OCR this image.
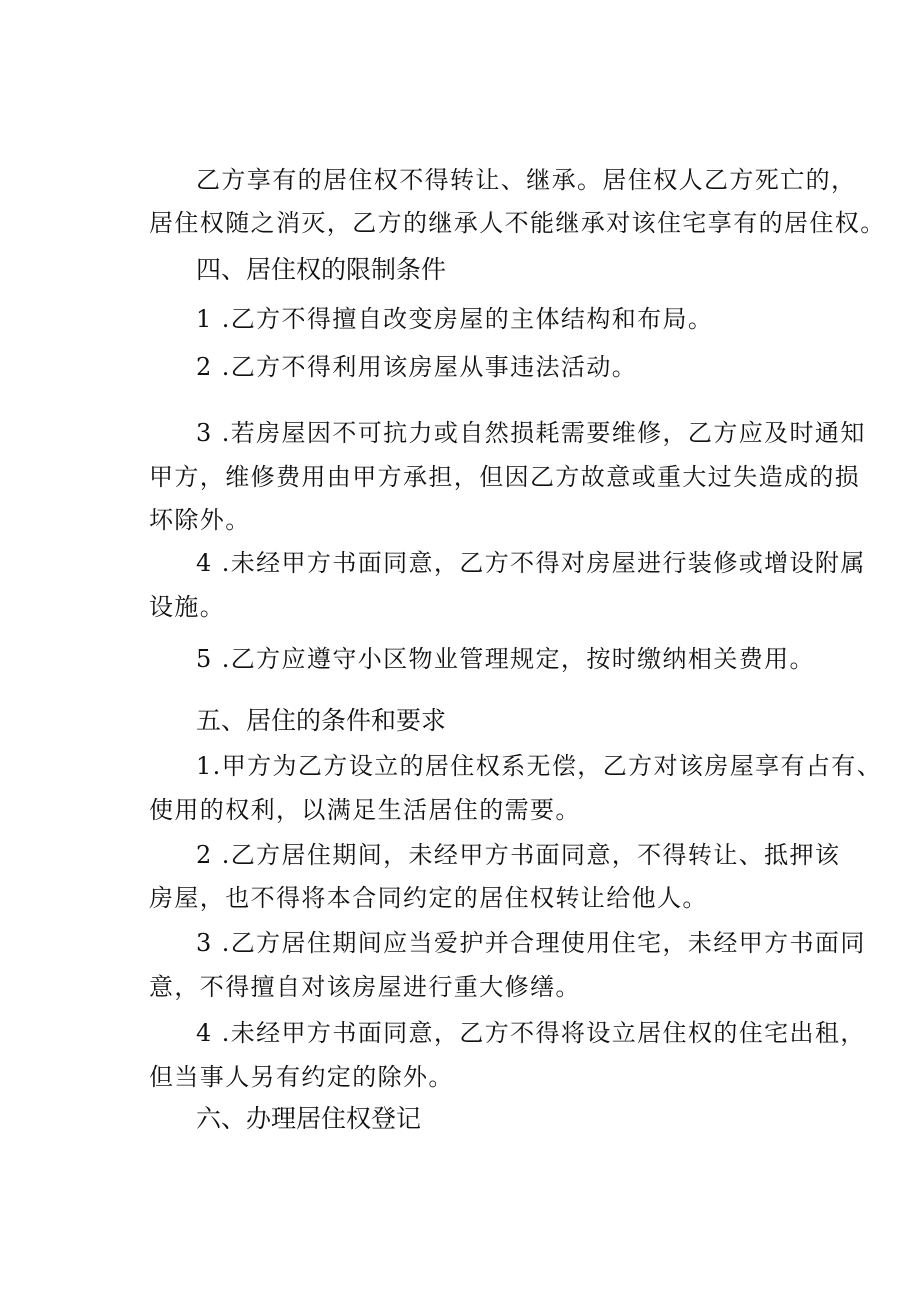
乙方享有的居住权不得转让、继承。居住权人乙方死亡的，
居住权随之消灭，乙方的继承人不能继承对该住宅享有的居住权。
四、居住权的限制条件
1 .乙方不得擅自改变房屋的主体结构和布局。
2 .乙方不得利用该房屋从事违法活动。
3 .若房屋因不可抗力或自然损耗需要维修，乙方应及时通知
甲方，维修费用由甲方承担，但因乙方故意或重大过失造成的损
坏除外。
4 .未经甲方书面同意，乙方不得对房屋进行装修或增设附属
设施。
5 .乙方应遵守小区物业管理规定，按时缴纳相关费用。
五、居住的条件和要求
1.甲方为乙方设立的居住权系无偿，乙方对该房屋享有占有、
使用的权利，以满足生活居住的需要。
2 .乙方居住期间，未经甲方书面同意，不得转让、抵押该
房屋，也不得将本合同约定的居住权转让给他人。
3 .乙方居住期间应当爱护并合理使用住宅，未经甲方书面同
意，不得擅自对该房屋进行重大修缮。
4 .未经甲方书面同意，乙方不得将设立居住权的住宅出租，
但当事人另有约定的除外。
六、办理居住权登记
